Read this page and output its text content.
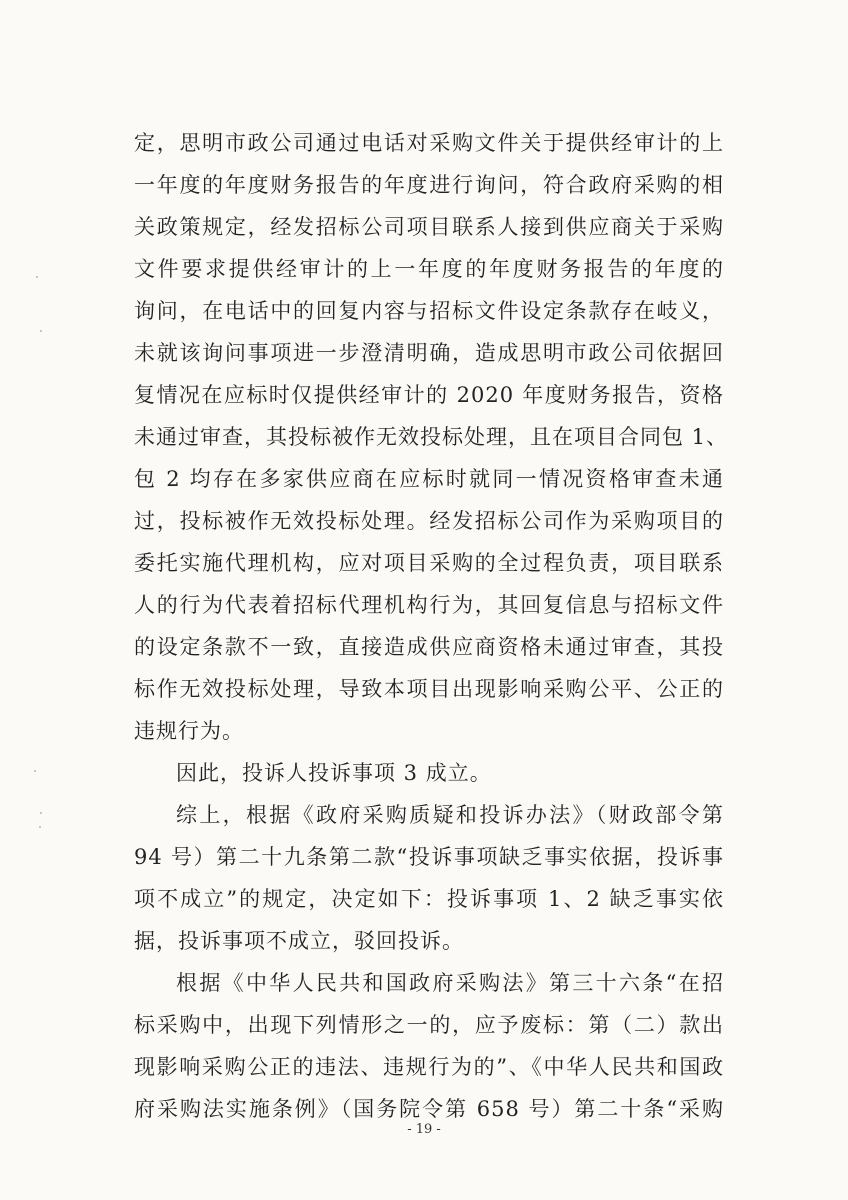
定，思明市政公司通过电话对采购文件关于提供经审计的上
一年度的年度财务报告的年度进行询问，符合政府采购的相
关政策规定，经发招标公司项目联系人接到供应商关于采购
文件要求提供经审计的上一年度的年度财务报告的年度的
询问，在电话中的回复内容与招标文件设定条款存在岐义，
未就该询问事项进一步澄清明确，造成思明市政公司依据回
复情况在应标时仅提供经审计的 2020 年度财务报告，资格
未通过审查，其投标被作无效投标处理，且在项目合同包 1、
包 2 均存在多家供应商在应标时就同一情况资格审查未通
过，投标被作无效投标处理。经发招标公司作为采购项目的
委托实施代理机构，应对项目采购的全过程负责，项目联系
人的行为代表着招标代理机构行为，其回复信息与招标文件
的设定条款不一致，直接造成供应商资格未通过审查，其投
标作无效投标处理，导致本项目出现影响采购公平、公正的
违规行为。
因此，投诉人投诉事项 3 成立。
综上，根据《政府采购质疑和投诉办法》（财政部令第
94 号）第二十九条第二款“投诉事项缺乏事实依据，投诉事
项不成立”的规定，决定如下：投诉事项 1、2 缺乏事实依
据，投诉事项不成立，驳回投诉。
根据《中华人民共和国政府采购法》第三十六条“在招
标采购中，出现下列情形之一的，应予废标：第（二）款出
现影响采购公正的违法、违规行为的”、《中华人民共和国政
府采购法实施条例》（国务院令第 658 号）第二十条“采购
- 19 -
